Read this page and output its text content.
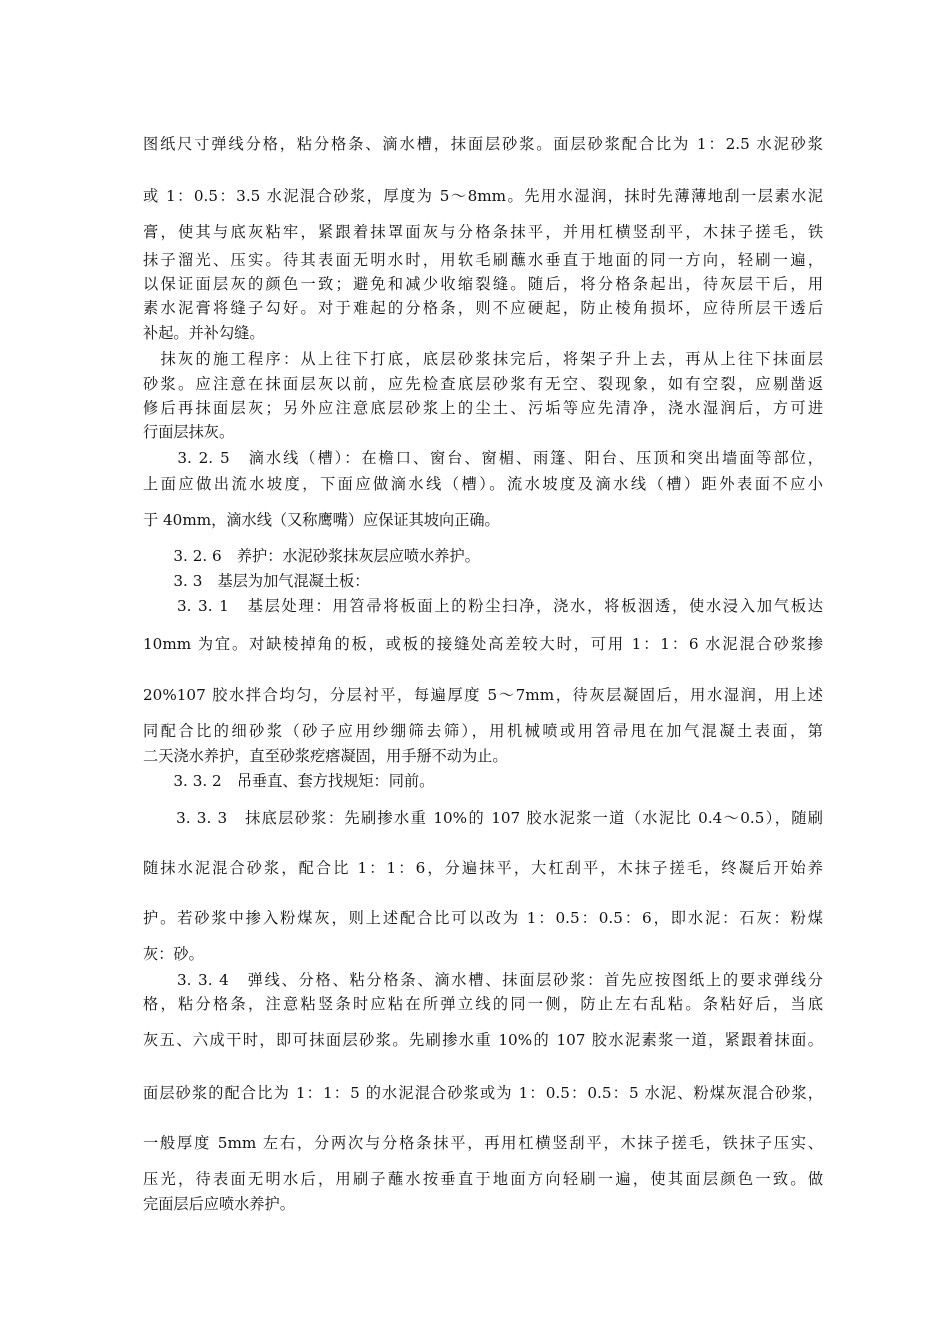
图纸尺寸弹线分格，粘分格条、滴水槽，抹面层砂浆。面层砂浆配合比为 1：2.5 水泥砂浆
或 1：0.5：3.5 水泥混合砂浆，厚度为 5～8mm。先用水湿润，抹时先薄薄地刮一层素水泥
膏，使其与底灰粘牢，紧跟着抹罩面灰与分格条抹平，并用杠横竖刮平，木抹子搓毛，铁
抹子溜光、压实。待其表面无明水时，用软毛刷蘸水垂直于地面的同一方向，轻刷一遍，
以保证面层灰的颜色一致；避免和减少收缩裂缝。随后，将分格条起出，待灰层干后，用
素水泥膏将缝子勾好。对于难起的分格条，则不应硬起，防止棱角损坏，应待所层干透后
补起。并补勾缝。
　抹灰的施工程序：从上往下打底，底层砂浆抹完后，将架子升上去，再从上往下抹面层
砂浆。应注意在抹面层灰以前，应先检查底层砂浆有无空、裂现象，如有空裂，应剔凿返
修后再抹面层灰；另外应注意底层砂浆上的尘土、污垢等应先清净，浇水湿润后，方可进
行面层抹灰。
　　3. 2. 5　滴水线（槽）：在檐口、窗台、窗楣、雨篷、阳台、压顶和突出墙面等部位，
上面应做出流水坡度，下面应做滴水线（槽）。流水坡度及滴水线（槽）距外表面不应小
于 40mm，滴水线（又称鹰嘴）应保证其坡向正确。
　　3. 2. 6　养护：水泥砂浆抹灰层应喷水养护。
　　3. 3　基层为加气混凝土板：
　　3. 3. 1　基层处理：用笤帚将板面上的粉尘扫净，浇水，将板洇透，使水浸入加气板达
10mm 为宜。对缺棱掉角的板，或板的接缝处高差较大时，可用 1：1：6 水泥混合砂浆掺
20%107 胶水拌合均匀，分层衬平，每遍厚度 5～7mm，待灰层凝固后，用水湿润，用上述
同配合比的细砂浆（砂子应用纱绷筛去筛），用机械喷或用笤帚甩在加气混凝土表面，第
二天浇水养护，直至砂浆疙瘩凝固，用手掰不动为止。
　　3. 3. 2　吊垂直、套方找规矩：同前。
　　3. 3. 3　抹底层砂浆：先刷掺水重 10%的 107 胶水泥浆一道（水泥比 0.4～0.5），随刷
随抹水泥混合砂浆，配合比 1：1：6，分遍抹平，大杠刮平，木抹子搓毛，终凝后开始养
护。若砂浆中掺入粉煤灰，则上述配合比可以改为 1：0.5：0.5：6，即水泥：石灰：粉煤
灰：砂。
　　3. 3. 4　弹线、分格、粘分格条、滴水槽、抹面层砂浆：首先应按图纸上的要求弹线分
格，粘分格条，注意粘竖条时应粘在所弹立线的同一侧，防止左右乱粘。条粘好后，当底
灰五、六成干时，即可抹面层砂浆。先刷掺水重 10%的 107 胶水泥素浆一道，紧跟着抹面。
面层砂浆的配合比为 1：1：5 的水泥混合砂浆或为 1：0.5：0.5：5 水泥、粉煤灰混合砂浆，
一般厚度 5mm 左右，分两次与分格条抹平，再用杠横竖刮平，木抹子搓毛，铁抹子压实、
压光，待表面无明水后，用刷子蘸水按垂直于地面方向轻刷一遍，使其面层颜色一致。做
完面层后应喷水养护。
